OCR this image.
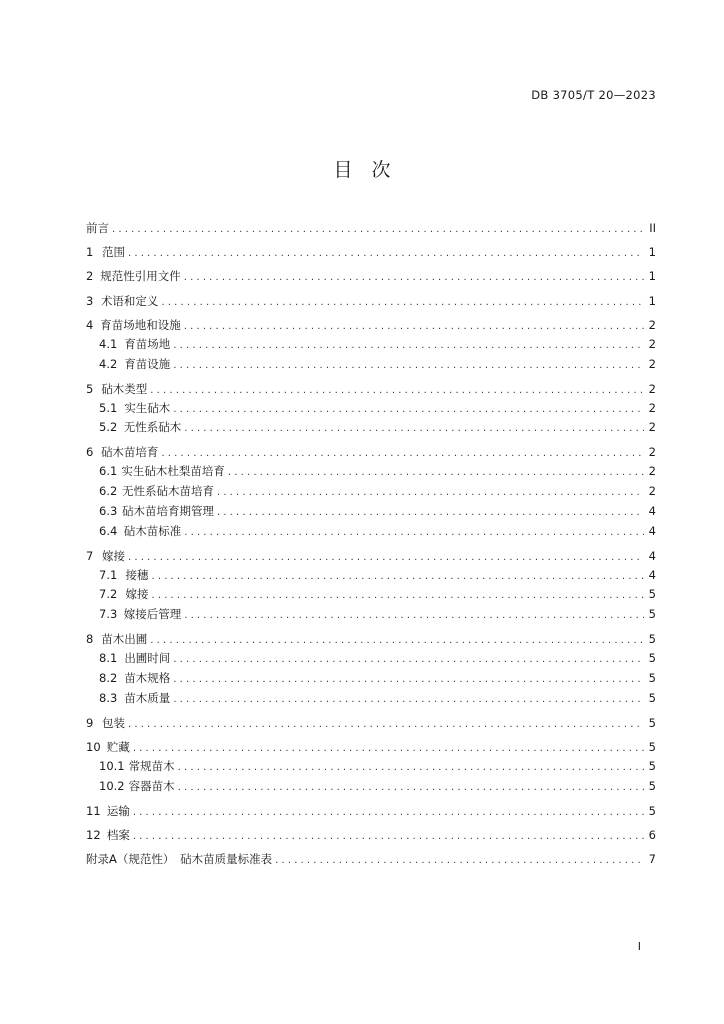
DB 3705/T 20—2023
目　次
前言 . . .	II
1 范围 . . .	1
2 规范性引用文件 . . .	1
3 术语和定义 . . .	1
4 育苗场地和设施 . . .	2
4.1 育苗场地 . . .	2
4.2 育苗设施 . . .	2
5 砧木类型 . . .	2
5.1 实生砧木 . . .	2
5.2 无性系砧木 . . .	2
6 砧木苗培育 . . .	2
6.1 实生砧木杜梨苗培育 . . .	2
6.2 无性系砧木苗培育 . . .	2
6.3 砧木苗培育期管理 . . .	4
6.4 砧木苗标准 . . .	4
7 嫁接 . . .	4
7.1 接穗 . . .	4
7.2 嫁接 . . .	5
7.3 嫁接后管理 . . .	5
8 苗木出圃 . . .	5
8.1 出圃时间 . . .	5
8.2 苗木规格 . . .	5
8.3 苗木质量 . . .	5
9 包装 . . .	5
10 贮藏 . . .	5
10.1 常规苗木 . . .	5
10.2 容器苗木 . . .	5
11 运输 . . .	5
12 档案 . . .	6
附录A（规范性）　砧木苗质量标准表 . . .	7
I
